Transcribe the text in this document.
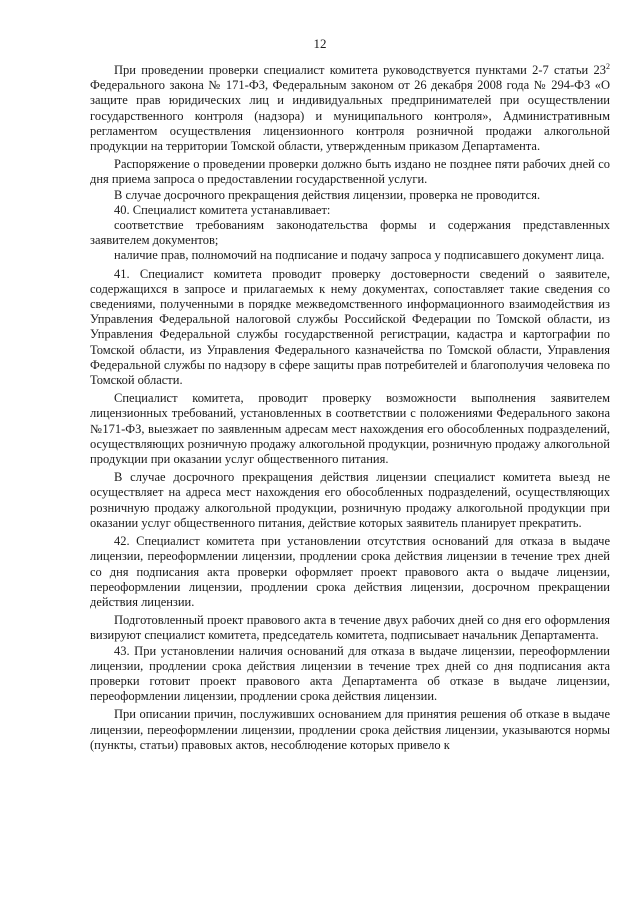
12

При проведении проверки специалист комитета руководствуется пунктами 2-7 статьи $23^2$ Федерального закона № 171-ФЗ, Федеральным законом от 26 декабря 2008 года № 294-ФЗ «О защите прав юридических лиц и индивидуальных предпринимателей при осуществлении государственного контроля (надзора) и муниципального контроля», Административным регламентом осуществления лицензионного контроля розничной продажи алкогольной продукции на территории Томской области, утвержденным приказом Департамента.

Распоряжение о проведении проверки должно быть издано не позднее пяти рабочих дней со дня приема запроса о предоставлении государственной услуги.

В случае досрочного прекращения действия лицензии, проверка не проводится.

40. Специалист комитета устанавливает:

соответствие требованиям законодательства формы и содержания представленных заявителем документов;

наличие прав, полномочий на подписание и подачу запроса у подписавшего документ лица.

41. Специалист комитета проводит проверку достоверности сведений о заявителе, содержащихся в запросе и прилагаемых к нему документах, сопоставляет такие сведения со сведениями, полученными в порядке межведомственного информационного взаимодействия из Управления Федеральной налоговой службы Российской Федерации по Томской области, из Управления Федеральной службы государственной регистрации, кадастра и картографии по Томской области, из Управления Федерального казначейства по Томской области, Управления Федеральной службы по надзору в сфере защиты прав потребителей и благополучия человека по Томской области.

Специалист комитета, проводит проверку возможности выполнения заявителем лицензионных требований, установленных в соответствии с положениями Федерального закона №171-ФЗ, выезжает по заявленным адресам мест нахождения его обособленных подразделений, осуществляющих розничную продажу алкогольной продукции, розничную продажу алкогольной продукции при оказании услуг общественного питания.

В случае досрочного прекращения действия лицензии специалист комитета выезд не осуществляет на адреса мест нахождения его обособленных подразделений, осуществляющих розничную продажу алкогольной продукции, розничную продажу алкогольной продукции при оказании услуг общественного питания, действие которых заявитель планирует прекратить.

42. Специалист комитета при установлении отсутствия оснований для отказа в выдаче лицензии, переоформлении лицензии, продлении срока действия лицензии в течение трех дней со дня подписания акта проверки оформляет проект правового акта о выдаче лицензии, переоформлении лицензии, продлении срока действия лицензии, досрочном прекращении действия лицензии.

Подготовленный проект правового акта в течение двух рабочих дней со дня его оформления визируют специалист комитета, председатель комитета, подписывает начальник Департамента.

43. При установлении наличия оснований для отказа в выдаче лицензии, переоформлении лицензии, продлении срока действия лицензии в течение трех дней со дня подписания акта проверки готовит проект правового акта Департамента об отказе в выдаче лицензии, переоформлении лицензии, продлении срока действия лицензии.

При описании причин, послуживших основанием для принятия решения об отказе в выдаче лицензии, переоформлении лицензии, продлении срока действия лицензии, указываются нормы (пункты, статьи) правовых актов, несоблюдение которых привело к
